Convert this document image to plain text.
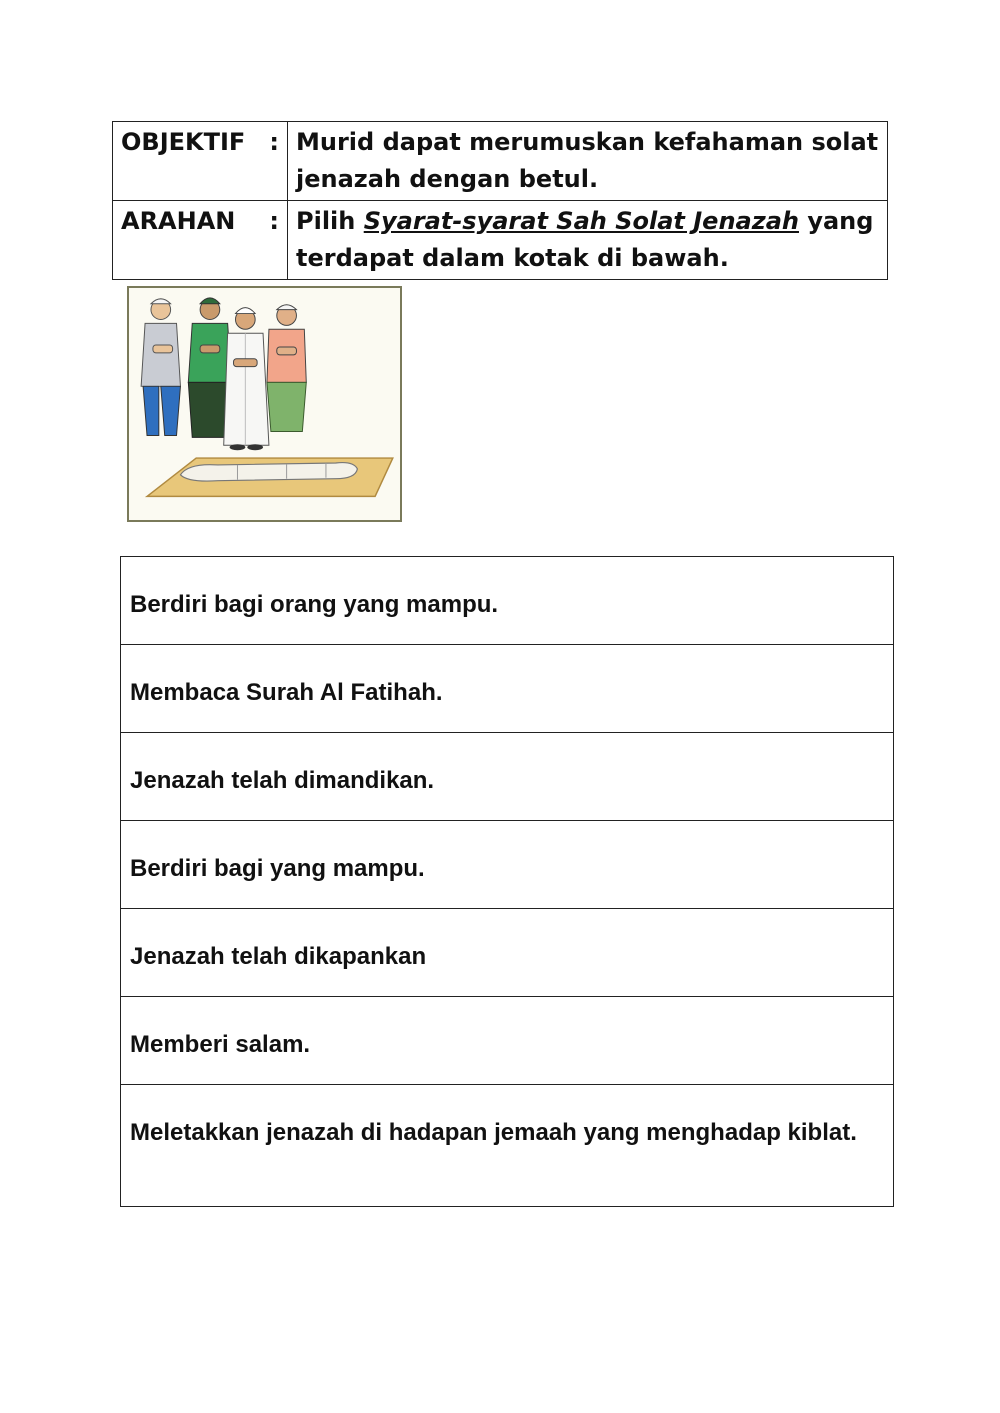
OBJEKTIF :	Murid dapat merumuskan kefahaman solat jenazah dengan betul.

ARAHAN :	Pilih Syarat-syarat Sah Solat Jenazah yang terdapat dalam kotak di bawah.
Berdiri bagi orang yang mampu.
Membaca Surah Al Fatihah.
Jenazah telah dimandikan.
Berdiri bagi yang mampu.
Jenazah telah dikapankan
Memberi salam.
Meletakkan jenazah di hadapan jemaah yang menghadap kiblat.
